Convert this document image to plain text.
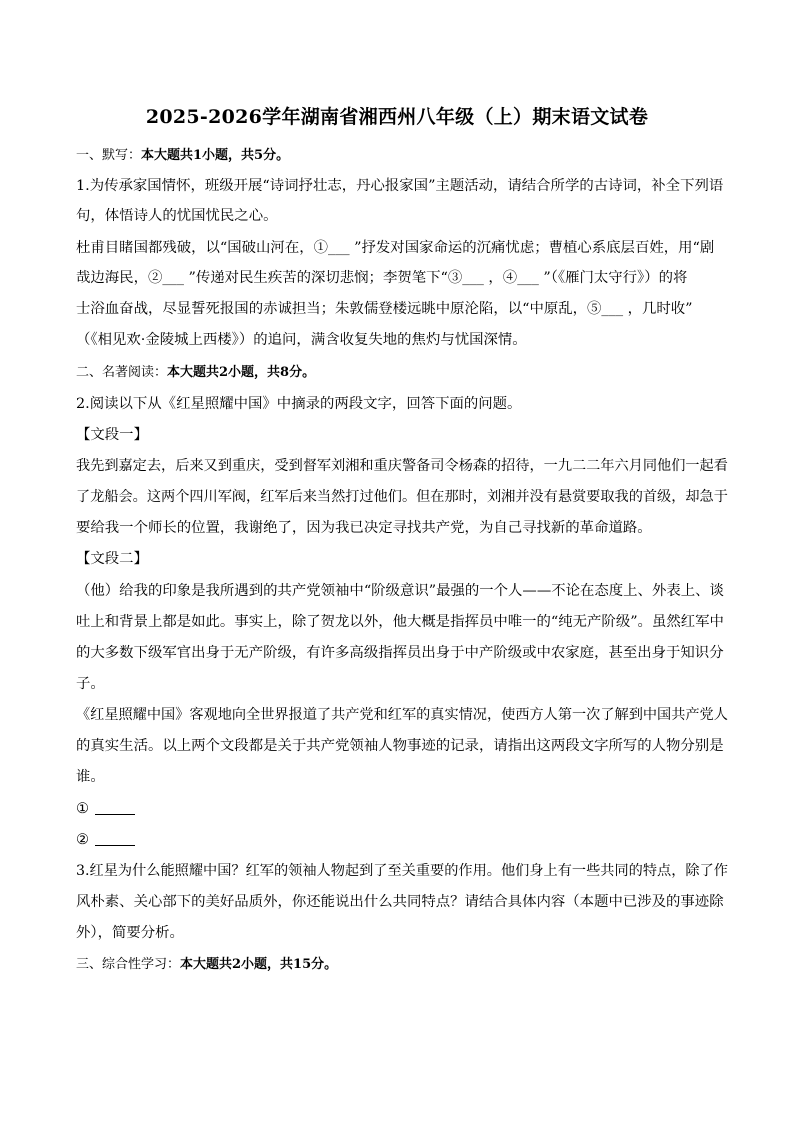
2025-2026学年湖南省湘西州八年级（上）期末语文试卷
一、默写：本大题共1小题，共5分。
1.为传承家国情怀，班级开展“诗词抒壮志，丹心报家国”主题活动，请结合所学的古诗词，补全下列语
句，体悟诗人的忧国忧民之心。
杜甫目睹国都残破，以“国破山河在，①___ ”抒发对国家命运的沉痛忧虑；曹植心系底层百姓，用“剧
哉边海民，②___ ”传递对民生疾苦的深切悲悯；李贺笔下“③___ ，④___ ”（《雁门太守行》）的将
士浴血奋战，尽显誓死报国的赤诚担当；朱敦儒登楼远眺中原沦陷，以“中原乱，⑤___ ，几时收”
（《相见欢·金陵城上西楼》）的追问，满含收复失地的焦灼与忧国深情。
二、名著阅读：本大题共2小题，共8分。
2.阅读以下从《红星照耀中国》中摘录的两段文字，回答下面的问题。
【文段一】
我先到嘉定去，后来又到重庆，受到督军刘湘和重庆警备司令杨森的招待，一九二二年六月同他们一起看
了龙船会。这两个四川军阀，红军后来当然打过他们。但在那时，刘湘并没有悬赏要取我的首级，却急于
要给我一个师长的位置，我谢绝了，因为我已决定寻找共产党，为自己寻找新的革命道路。
【文段二】
（他）给我的印象是我所遇到的共产党领袖中“阶级意识”最强的一个人——不论在态度上、外表上、谈
吐上和背景上都是如此。事实上，除了贺龙以外，他大概是指挥员中唯一的“纯无产阶级”。虽然红军中
的大多数下级军官出身于无产阶级，有许多高级指挥员出身于中产阶级或中农家庭，甚至出身于知识分
子。
《红星照耀中国》客观地向全世界报道了共产党和红军的真实情况，使西方人第一次了解到中国共产党人
的真实生活。以上两个文段都是关于共产党领袖人物事迹的记录，请指出这两段文字所写的人物分别是
谁。
①
②
3.红星为什么能照耀中国？红军的领袖人物起到了至关重要的作用。他们身上有一些共同的特点，除了作
风朴素、关心部下的美好品质外，你还能说出什么共同特点？请结合具体内容（本题中已涉及的事迹除
外），简要分析。
三、综合性学习：本大题共2小题，共15分。
